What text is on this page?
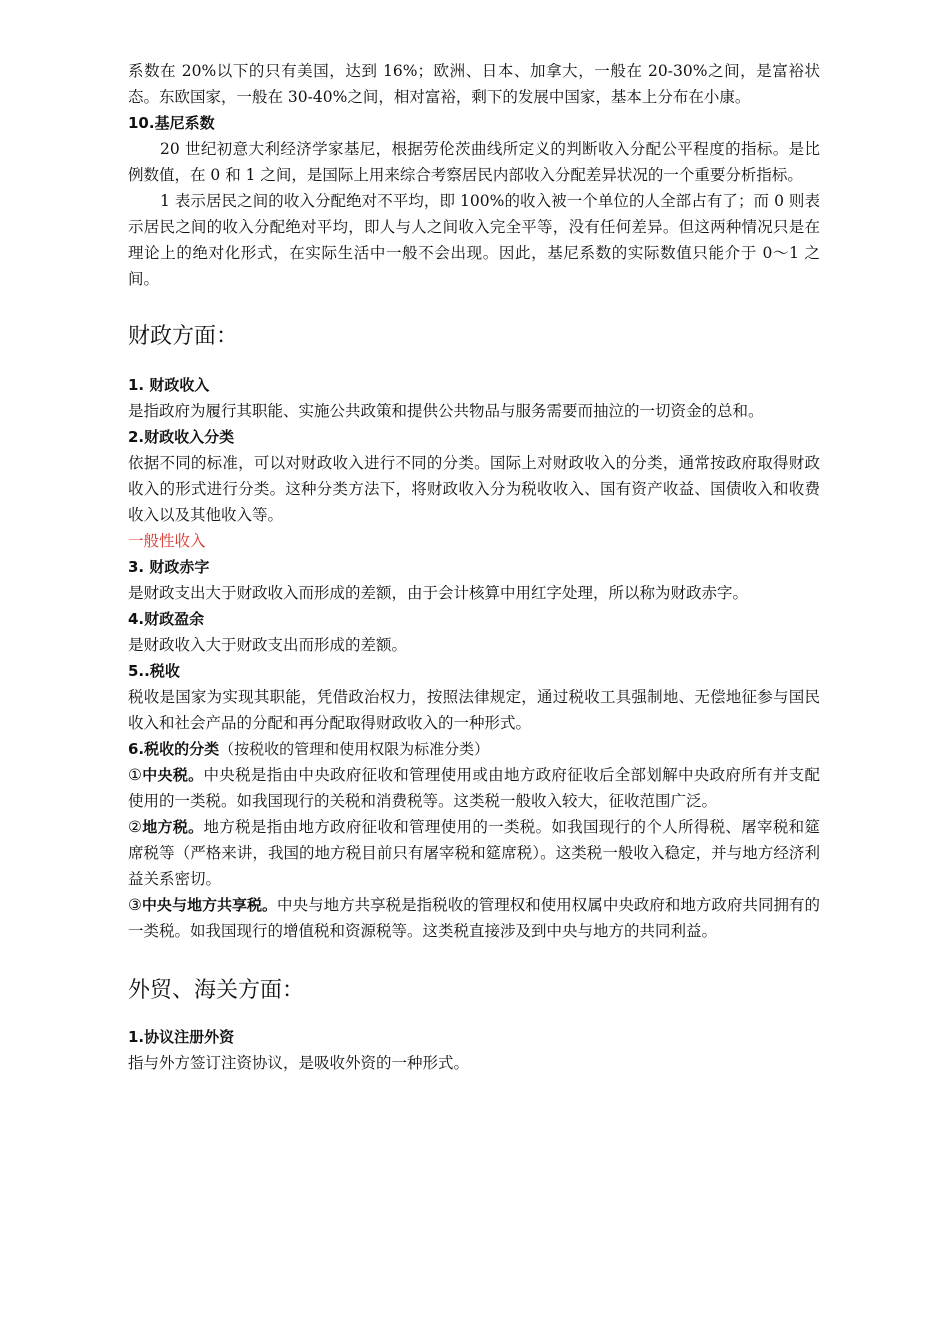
系数在 20%以下的只有美国，达到 16%；欧洲、日本、加拿大，一般在 20-30%之间，是富裕状态。东欧国家，一般在 30-40%之间，相对富裕，剩下的发展中国家，基本上分布在小康。

10.基尼系数

20 世纪初意大利经济学家基尼，根据劳伦茨曲线所定义的判断收入分配公平程度的指标。是比例数值，在 0 和 1 之间，是国际上用来综合考察居民内部收入分配差异状况的一个重要分析指标。

1 表示居民之间的收入分配绝对不平均，即 100%的收入被一个单位的人全部占有了；而 0 则表示居民之间的收入分配绝对平均，即人与人之间收入完全平等，没有任何差异。但这两种情况只是在理论上的绝对化形式，在实际生活中一般不会出现。因此，基尼系数的实际数值只能介于 0～1 之间。

财政方面：

1. 财政收入

是指政府为履行其职能、实施公共政策和提供公共物品与服务需要而抽泣的一切资金的总和。

2.财政收入分类

依据不同的标准，可以对财政收入进行不同的分类。国际上对财政收入的分类，通常按政府取得财政收入的形式进行分类。这种分类方法下，将财政收入分为税收收入、国有资产收益、国债收入和收费收入以及其他收入等。

一般性收入

3. 财政赤字

是财政支出大于财政收入而形成的差额，由于会计核算中用红字处理，所以称为财政赤字。

4.财政盈余

是财政收入大于财政支出而形成的差额。

5..税收

税收是国家为实现其职能，凭借政治权力，按照法律规定，通过税收工具强制地、无偿地征参与国民收入和社会产品的分配和再分配取得财政收入的一种形式。

6.税收的分类（按税收的管理和使用权限为标准分类）

①中央税。中央税是指由中央政府征收和管理使用或由地方政府征收后全部划解中央政府所有并支配使用的一类税。如我国现行的关税和消费税等。这类税一般收入较大，征收范围广泛。

②地方税。地方税是指由地方政府征收和管理使用的一类税。如我国现行的个人所得税、屠宰税和筵席税等（严格来讲，我国的地方税目前只有屠宰税和筵席税）。这类税一般收入稳定，并与地方经济利益关系密切。

③中央与地方共享税。中央与地方共享税是指税收的管理权和使用权属中央政府和地方政府共同拥有的一类税。如我国现行的增值税和资源税等。这类税直接涉及到中央与地方的共同利益。

外贸、海关方面：

1.协议注册外资

指与外方签订注资协议，是吸收外资的一种形式。
